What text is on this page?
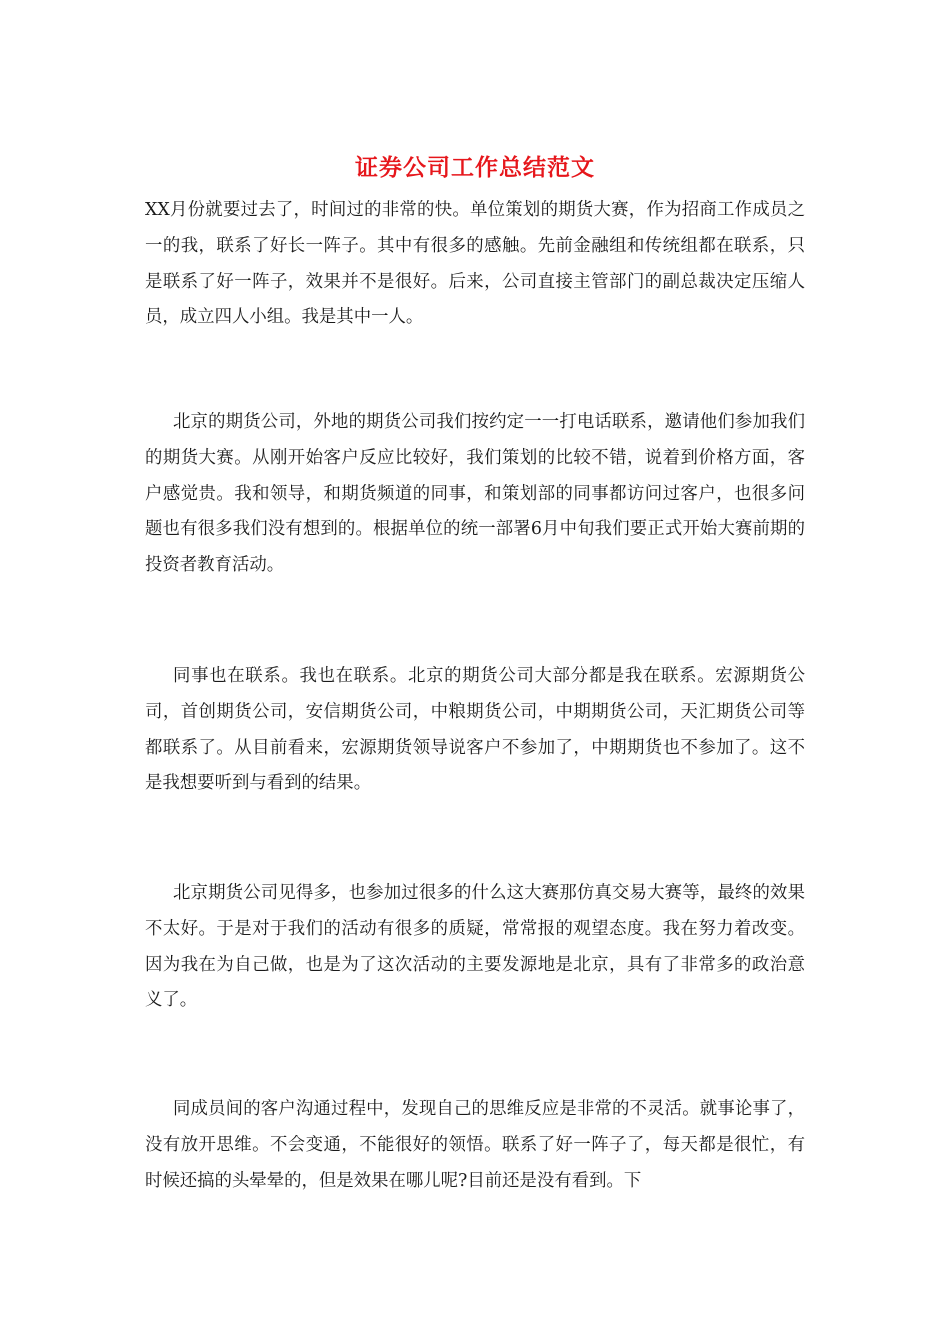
证券公司工作总结范文

XX月份就要过去了，时间过的非常的快。单位策划的期货大赛，作为招商工作成员之一的我，联系了好长一阵子。其中有很多的感触。先前金融组和传统组都在联系，只是联系了好一阵子，效果并不是很好。后来，公司直接主管部门的副总裁决定压缩人员，成立四人小组。我是其中一人。

北京的期货公司，外地的期货公司我们按约定一一打电话联系，邀请他们参加我们的期货大赛。从刚开始客户反应比较好，我们策划的比较不错，说着到价格方面，客户感觉贵。我和领导，和期货频道的同事，和策划部的同事都访问过客户，也很多问题也有很多我们没有想到的。根据单位的统一部署6月中旬我们要正式开始大赛前期的投资者教育活动。

同事也在联系。我也在联系。北京的期货公司大部分都是我在联系。宏源期货公司，首创期货公司，安信期货公司，中粮期货公司，中期期货公司，天汇期货公司等都联系了。从目前看来，宏源期货领导说客户不参加了，中期期货也不参加了。这不是我想要听到与看到的结果。

北京期货公司见得多，也参加过很多的什么这大赛那仿真交易大赛等，最终的效果不太好。于是对于我们的活动有很多的质疑，常常报的观望态度。我在努力着改变。因为我在为自己做，也是为了这次活动的主要发源地是北京，具有了非常多的政治意义了。

同成员间的客户沟通过程中，发现自己的思维反应是非常的不灵活。就事论事了，没有放开思维。不会变通，不能很好的领悟。联系了好一阵子了，每天都是很忙，有时候还搞的头晕晕的，但是效果在哪儿呢?目前还是没有看到。下
